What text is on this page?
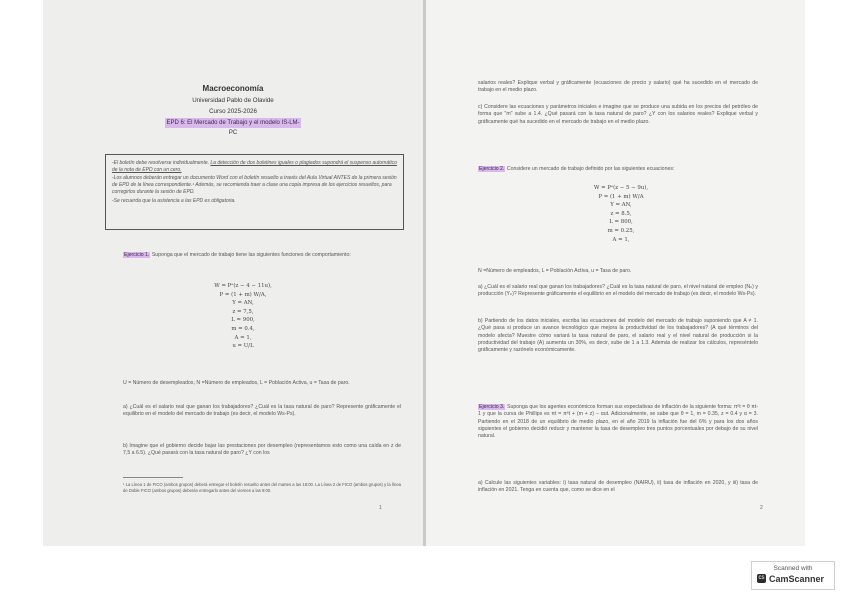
Macroeconomía
Universidad Pablo de Olavide
Curso 2025-2026
EPD 6: El Mercado de Trabajo y el modelo IS-LM-PC

-El boletín debe resolverse individualmente. La detección de dos boletines iguales o plagiados supondrá el suspenso automático de la nota de EPD con un cero.

-Los alumnos deberán entregar un documento Word con el boletín resuelto a través del Aula Virtual ANTES de la primera sesión de EPD de la línea correspondiente.¹ Además, se recomienda traer a clase una copia impresa de los ejercicios resueltos, para corregirlos durante la sesión de EPD.

-Se recuerda que la asistencia a las EPD es obligatoria.

Ejercicio 1. Suponga que el mercado de trabajo tiene las siguientes funciones de comportamiento:
W = Pᵉ(z − 4 − 11u),
P = (1 + m) W/A,
Y = AN,
z = 7,5,
L = 900,
m = 0.4,
A = 1,
u = U/L
U = Número de desempleados, N =Número de empleados, L = Población Activa, u = Tasa de paro.
a) ¿Cuál es el salario real que ganan los trabajadores? ¿Cuál es la tasa natural de paro? Represente gráficamente el equilibrio en el modelo del mercado de trabajo (es decir, el modelo Ws-Ps).
b) Imagine que el gobierno decide bajar las prestaciones por desempleo (representamos esto como una caída en z de 7,5 a 6.5). ¿Qué pasará con la tasa natural de paro? ¿Y con los
¹ La Línea 1 de FICO (ambos grupos) deberá entregar el boletín resuelto antes del martes a las 18:00. La Línea 2 de FICO (ambos grupos) y la línea de Doble FICO (ambos grupos) deberán entregarlo antes del viernes a las 9:00.
1
salarios reales? Explique verbal y gráficamente (ecuaciones de precio y salario) qué ha sucedido en el mercado de trabajo en el medio plazo.
c) Considere las ecuaciones y parámetros iniciales e imagine que se produce una subida en los precios del petróleo de forma que "m" sube a 1.4. ¿Qué pasará con la tasa natural de paro? ¿Y con los salarios reales? Explique verbal y gráficamente qué ha sucedido en el mercado de trabajo en el medio plazo.
Ejercicio 2. Considere un mercado de trabajo definido por las siguientes ecuaciones:
W = Pᵉ(z − 5 − 9u),
P = (1 + m) W/A
Y = AN,
z = 8.5,
L = 800,
m = 0.25,
A = 1,
N =Número de empleados, L = Población Activa, u = Tasa de paro.
a) ¿Cuál es el salario real que ganan los trabajadores? ¿Cuál es la tasa natural de paro, el nivel natural de empleo (Nₙ) y producción (Yₙ)? Represente gráficamente el equilibrio en el modelo del mercado de trabajo (es decir, el modelo Ws-Ps).
b) Partiendo de los datos iniciales, escriba las ecuaciones del modelo del mercado de trabajo suponiendo que A ≠ 1. ¿Qué pasa si produce un avance tecnológico que mejora la productividad de los trabajadores? (A qué términos del modelo afecta? Muestre cómo variará la tasa natural de paro, el salario real y el nivel natural de producción si la productividad del trabajo (A) aumenta un 30%, es decir, sube de 1 a 1.3. Además de realizar los cálculos, represéntelo gráficamente y razónelo económicamente.
Ejercicio 3. Suponga que los agentes económicos forman sus expectativas de inflación de la siguiente forma: πᵉt = θ πt-1 y que la curva de Phillips es πt = πᵉt + (m + z) − αut. Adicionalmente, se sabe que θ = 1, m = 0.35, z = 0.4 y α = 3. Partiendo en el 2018 de un equilibrio de medio plazo, en el año 2019 la inflación fue del 6% y para los dos años siguientes el gobierno decidió reducir y mantener la tasa de desempleo tres puntos porcentuales por debajo de su nivel natural.
a) Calcule las siguientes variables: i) tasa natural de desempleo (NAIRU), ii) tasa de inflación en 2020, y iii) tasa de inflación en 2021. Tenga en cuenta que, como se dice en el
2
Scanned with
cs CamScanner
